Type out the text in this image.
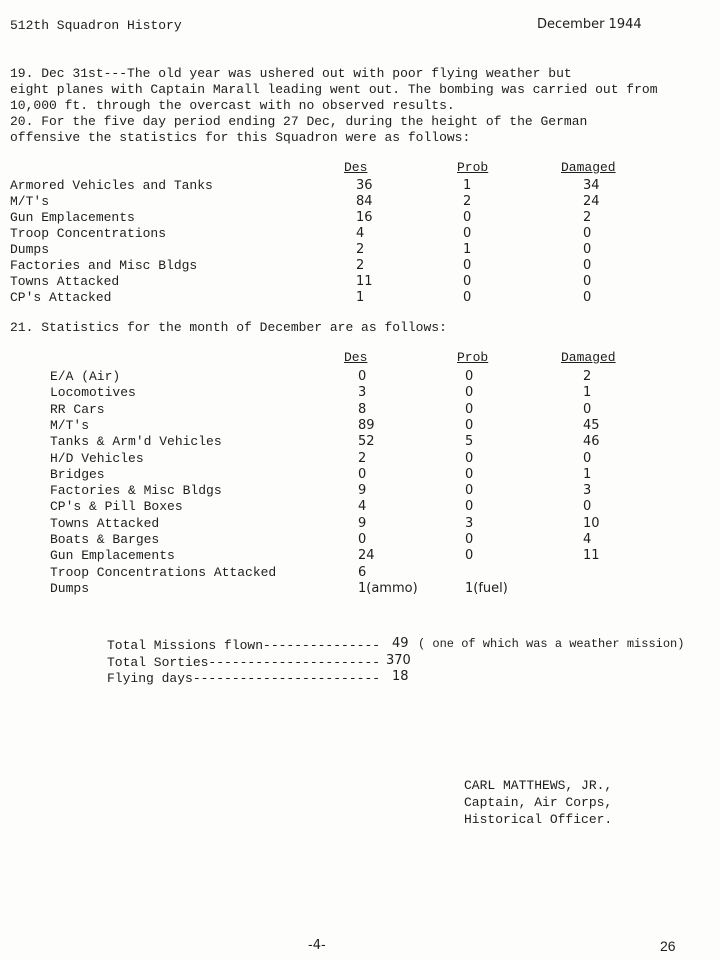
512th Squadron History	December 1944
19. Dec 31st---The old year was ushered out with poor flying weather but
eight planes with Captain Marall leading went out. The bombing was carried out from
10,000 ft. through the overcast with no observed results.
20. For the five day period ending 27 Dec, during the height of the German
offensive the statistics for this Squadron were as follows:
Des	Prob	Damaged
Armored Vehicles and Tanks	36	1	34
M/T's	84	2	24
Gun Emplacements	16	0	2
Troop Concentrations	4	0	0
Dumps	2	1	0
Factories and Misc Bldgs	2	0	0
Towns Attacked	11	0	0
CP's Attacked	1	0	0
21. Statistics for the month of December are as follows:
Des	Prob	Damaged
E/A (Air)	0	0	2
Locomotives	3	0	1
RR Cars	8	0	0
M/T's	89	0	45
Tanks & Arm'd Vehicles	52	5	46
H/D Vehicles	2	0	0
Bridges	0	0	1
Factories & Misc Bldgs	9	0	3
CP's & Pill Boxes	4	0	0
Towns Attacked	9	3	10
Boats & Barges	0	0	4
Gun Emplacements	24	0	11
Troop Concentrations Attacked	6
Dumps	1(ammo)	1(fuel)
Total Missions flown--------------- 49 ( one of which was a weather mission)
Total Sorties---------------------- 370
Flying days------------------------ 18
CARL MATTHEWS, JR.,
Captain, Air Corps,
Historical Officer.
-4-	26
